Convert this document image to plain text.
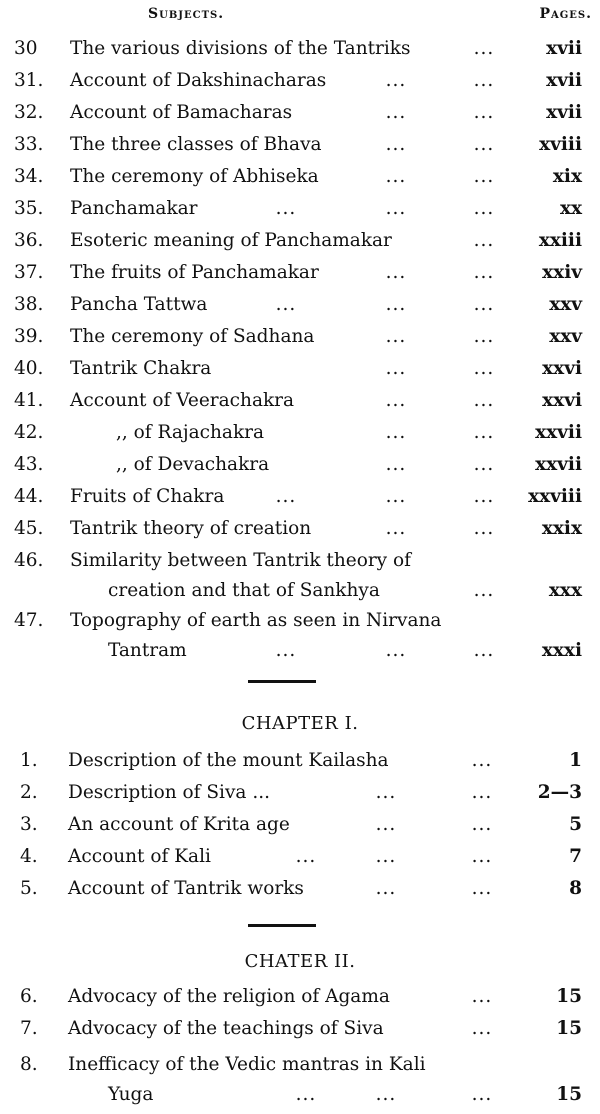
Subjects.	Pages.
30	The various divisions of the Tantriks	...	xvii
31.	Account of Dakshinacharas	...	...	xvii
32.	Account of Bamacharas	...	...	xvii
33.	The three classes of Bhava	...	...	xviii
34.	The ceremony of Abhiseka	...	...	xix
35.	Panchamakar	...	...	...	xx
36.	Esoteric meaning of Panchamakar	...	xxiii
37.	The fruits of Panchamakar	...	...	xxiv
38.	Pancha Tattwa	...	...	...	xxv
39.	The ceremony of Sadhana	...	...	xxv
40.	Tantrik Chakra	...	...	xxvi
41.	Account of Veerachakra	...	...	xxvi
42.	,, of Rajachakra	...	...	xxvii
43.	,, of Devachakra	...	...	xxvii
44.	Fruits of Chakra	...	...	...	xxviii
45.	Tantrik theory of creation	...	...	xxix
46.	Similarity between Tantrik theory of
creation and that of Sankhya	...	xxx
47.	Topography of earth as seen in Nirvana
Tantram	...	...	...	xxxi
CHAPTER I.
1.	Description of the mount Kailasha	...	1
2.	Description of Siva ...	...	...	2—3
3.	An account of Krita age	...	...	5
4.	Account of Kali	...	...	...	7
5.	Account of Tantrik works	...	...	8
CHATER II.
6.	Advocacy of the religion of Agama	...	15
7.	Advocacy of the teachings of Siva	...	15
8.	Inefficacy of the Vedic mantras in Kali
Yuga	...	...	...	15
